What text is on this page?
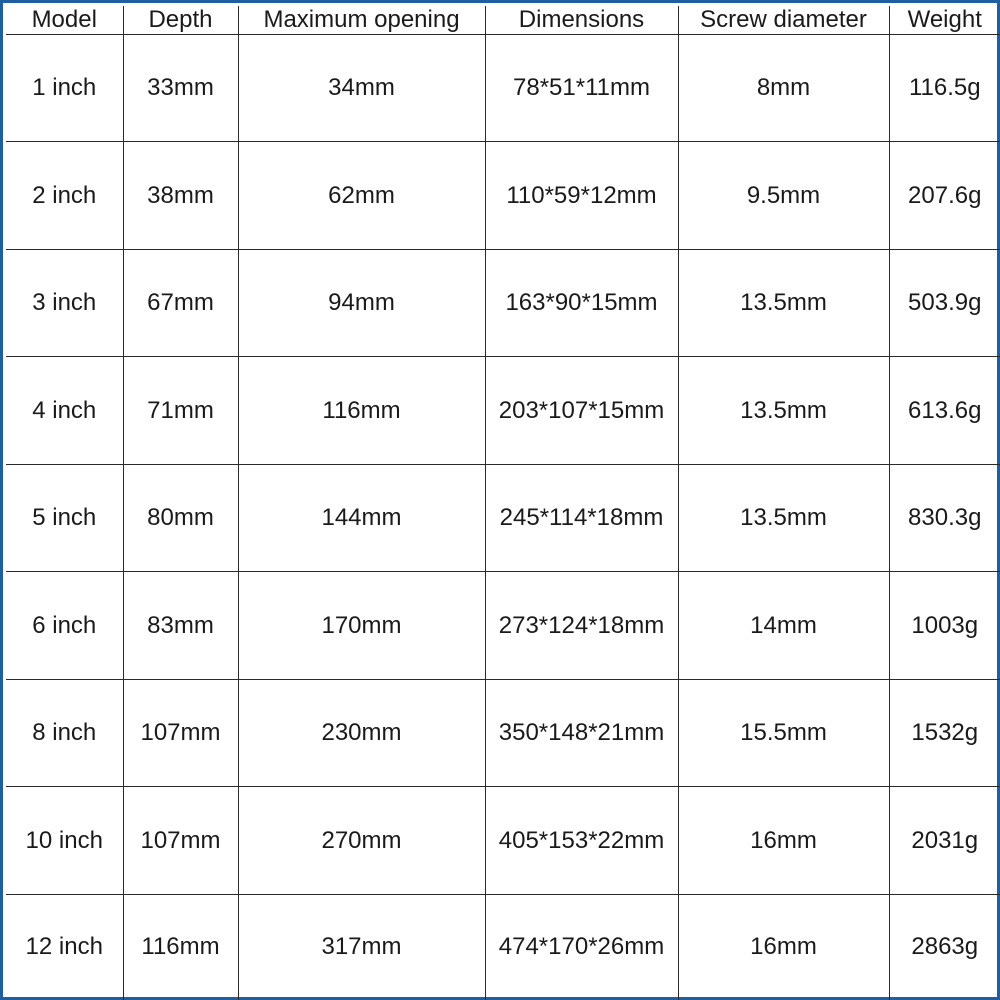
Model	Depth	Maximum opening	Dimensions	Screw diameter	Weight
1 inch	33mm	34mm	78*51*11mm	8mm	116.5g
2 inch	38mm	62mm	110*59*12mm	9.5mm	207.6g
3 inch	67mm	94mm	163*90*15mm	13.5mm	503.9g
4 inch	71mm	116mm	203*107*15mm	13.5mm	613.6g
5 inch	80mm	144mm	245*114*18mm	13.5mm	830.3g
6 inch	83mm	170mm	273*124*18mm	14mm	1003g
8 inch	107mm	230mm	350*148*21mm	15.5mm	1532g
10 inch	107mm	270mm	405*153*22mm	16mm	2031g
12 inch	116mm	317mm	474*170*26mm	16mm	2863g
